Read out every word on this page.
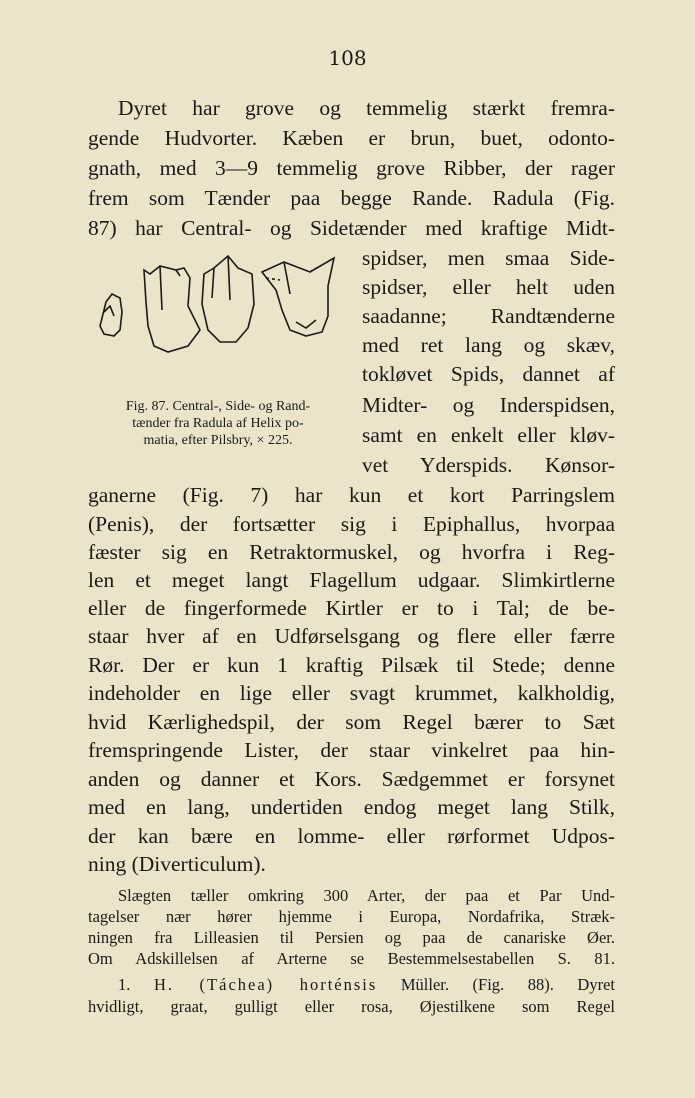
108
Dyret har grove og temmelig stærkt fremra-
gende Hudvorter. Kæben er brun, buet, odonto-
gnath, med 3—9 temmelig grove Ribber, der rager
frem som Tænder paa begge Rande. Radula (Fig.
87) har Central- og Sidetænder med kraftige Midt-
Fig. 87. Central-, Side- og Rand-
tænder fra Radula af Helix po-
matia, efter Pilsbry, × 225.
spidser, men smaa Side-
spidser, eller helt uden
saadanne; Randtænderne
med ret lang og skæv,
tokløvet Spids, dannet af
Midter- og Inderspidsen,
samt en enkelt eller kløv-
vet Yderspids. Kønsor-
ganerne (Fig. 7) har kun et kort Parringslem
(Penis), der fortsætter sig i Epiphallus, hvorpaa
fæster sig en Retraktormuskel, og hvorfra i Reg-
len et meget langt Flagellum udgaar. Slimkirtlerne
eller de fingerformede Kirtler er to i Tal; de be-
staar hver af en Udførselsgang og flere eller færre
Rør. Der er kun 1 kraftig Pilsæk til Stede; denne
indeholder en lige eller svagt krummet, kalkholdig,
hvid Kærlighedspil, der som Regel bærer to Sæt
fremspringende Lister, der staar vinkelret paa hin-
anden og danner et Kors. Sædgemmet er forsynet
med en lang, undertiden endog meget lang Stilk,
der kan bære en lomme- eller rørformet Udpos-
ning (Diverticulum).
Slægten tæller omkring 300 Arter, der paa et Par Und-
tagelser nær hører hjemme i Europa, Nordafrika, Stræk-
ningen fra Lilleasien til Persien og paa de canariske Øer.
Om Adskillelsen af Arterne se Bestemmelsestabellen S. 81.
1. H. (Táchea) horténsis Müller. (Fig. 88). Dyret
hvidligt, graat, gulligt eller rosa, Øjestilkene som Regel
